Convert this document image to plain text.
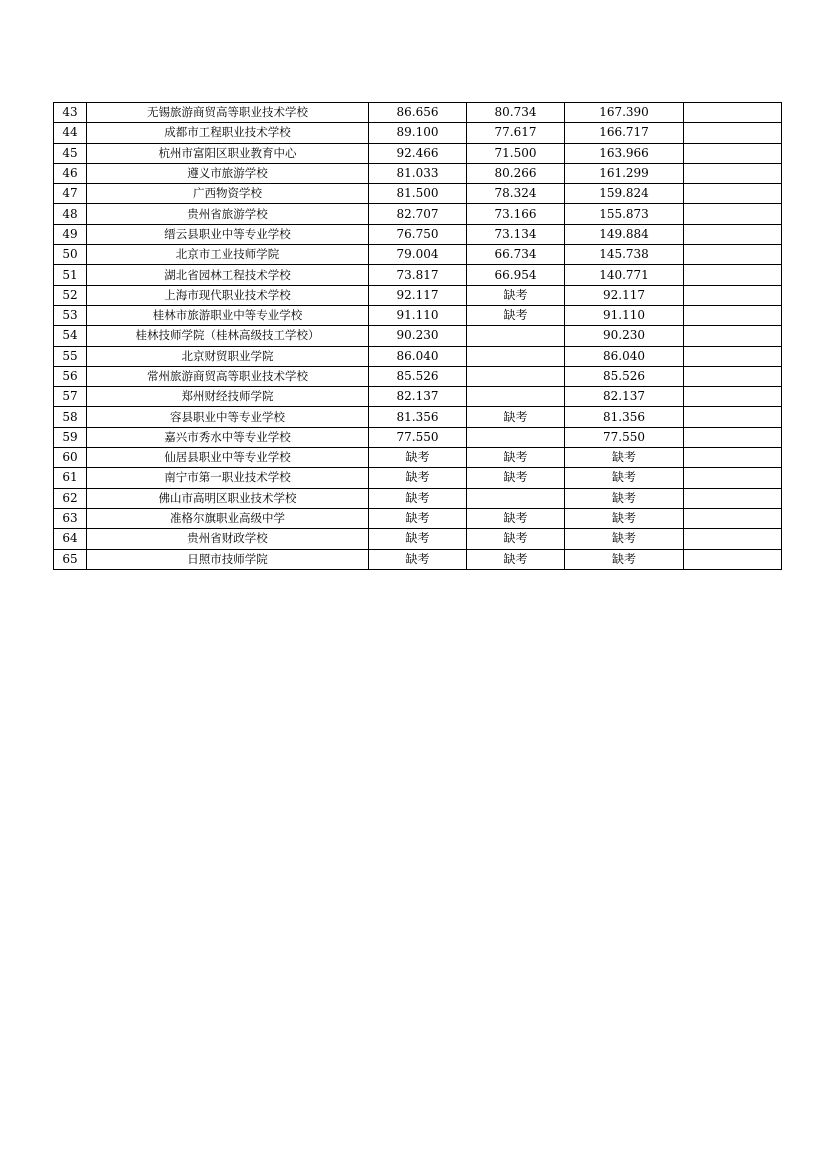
43	无锡旅游商贸高等职业技术学校	86.656	80.734	167.390	
44	成都市工程职业技术学校	89.100	77.617	166.717	
45	杭州市富阳区职业教育中心	92.466	71.500	163.966	
46	遵义市旅游学校	81.033	80.266	161.299	
47	广西物资学校	81.500	78.324	159.824	
48	贵州省旅游学校	82.707	73.166	155.873	
49	缙云县职业中等专业学校	76.750	73.134	149.884	
50	北京市工业技师学院	79.004	66.734	145.738	
51	湖北省园林工程技术学校	73.817	66.954	140.771	
52	上海市现代职业技术学校	92.117	缺考	92.117	
53	桂林市旅游职业中等专业学校	91.110	缺考	91.110	
54	桂林技师学院（桂林高级技工学校）	90.230		90.230	
55	北京财贸职业学院	86.040		86.040	
56	常州旅游商贸高等职业技术学校	85.526		85.526	
57	郑州财经技师学院	82.137		82.137	
58	容县职业中等专业学校	81.356	缺考	81.356	
59	嘉兴市秀水中等专业学校	77.550		77.550	
60	仙居县职业中等专业学校	缺考	缺考	缺考	
61	南宁市第一职业技术学校	缺考	缺考	缺考	
62	佛山市高明区职业技术学校	缺考		缺考	
63	准格尔旗职业高级中学	缺考	缺考	缺考	
64	贵州省财政学校	缺考	缺考	缺考	
65	日照市技师学院	缺考	缺考	缺考	
